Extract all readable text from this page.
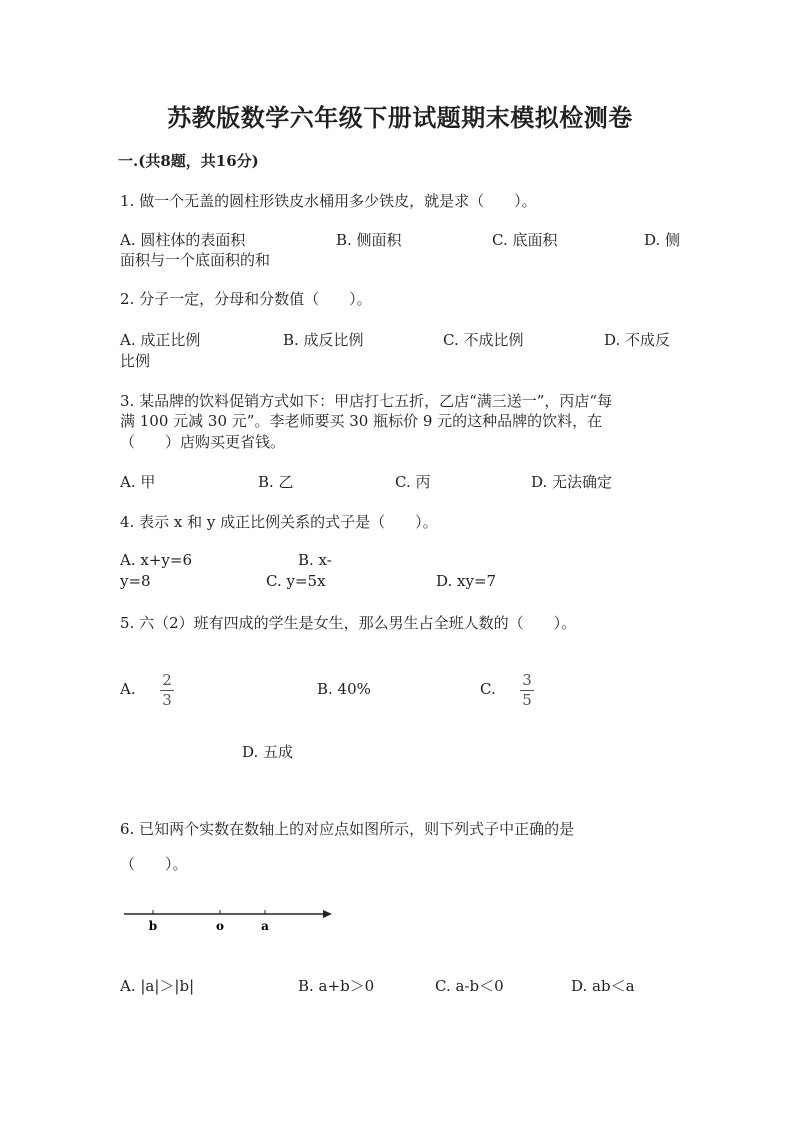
苏教版数学六年级下册试题期末模拟检测卷
一.(共8题，共16分)
1. 做一个无盖的圆柱形铁皮水桶用多少铁皮，就是求（　　）。
A. 圆柱体的表面积	B. 侧面积	C. 底面积	D. 侧
面积与一个底面积的和
2. 分子一定，分母和分数值（　　）。
A. 成正比例	B. 成反比例	C. 不成比例	D. 不成反
比例
3. 某品牌的饮料促销方式如下：甲店打七五折，乙店“满三送一”，丙店“每
满 100 元减 30 元”。李老师要买 30 瓶标价 9 元的这种品牌的饮料，在
（　　）店购买更省钱。
A. 甲	B. 乙	C. 丙	D. 无法确定
4. 表示 x 和 y 成正比例关系的式子是（　　）。
A. x+y=6	B. x-
y=8	C. y=5x	D. xy=7
5. 六（2）班有四成的学生是女生，那么男生占全班人数的（　　）。
A. 2
3
B. 40%	C. 3
5
D. 五成
6. 已知两个实数在数轴上的对应点如图所示，则下列式子中正确的是
（　　）。
b	o	a
A. |a|＞|b|	B. a+b＞0	C. a-b＜0	D. ab＜a
